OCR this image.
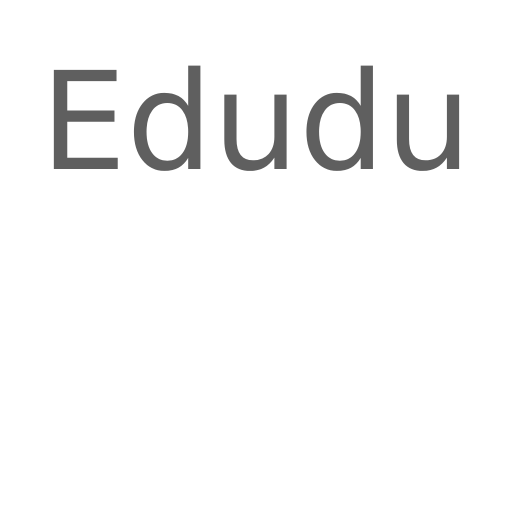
Edudu
